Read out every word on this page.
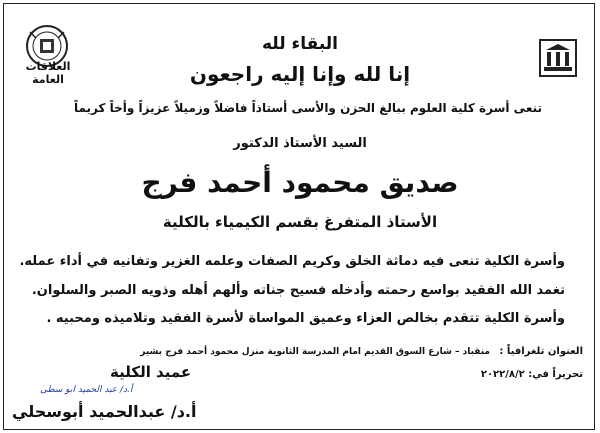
العلاقات العامة
البقاء لله
إنا لله وإنا إليه راجعون
تنعى أسرة كلية العلوم ببالغ الحزن والأسى أستاذاً فاضلاً وزميلاً عزيزاً وأخاً كريماً
السيد الأستاذ الدكتور
صديق محمود أحمد فرج
الأستاذ المتفرغ بقسم الكيمياء بالكلية
وأسرة الكلية تنعى فيه دماثة الخلق وكريم الصفات وعلمه الغزير وتفانيه في أداء عمله.
تغمد الله الفقيد بواسع رحمته وأدخله فسيح جناته وألهم أهله وذويه الصبر والسلوان.
وأسرة الكلية تتقدم بخالص العزاء وعميق المواساة لأسرة الفقيد وتلاميذه ومحبيه .
العنوان تلغرافياً :
منقباد – شارع السوق القديم امام المدرسة الثانوية منزل محمود أحمد فرج بشير
تحريراً في: ٢٠٢٢/٨/٢
عميد الكلية
أ.د/ عبد الحميد ابو سطى
أ.د/ عبدالحميد أبوسحلي
